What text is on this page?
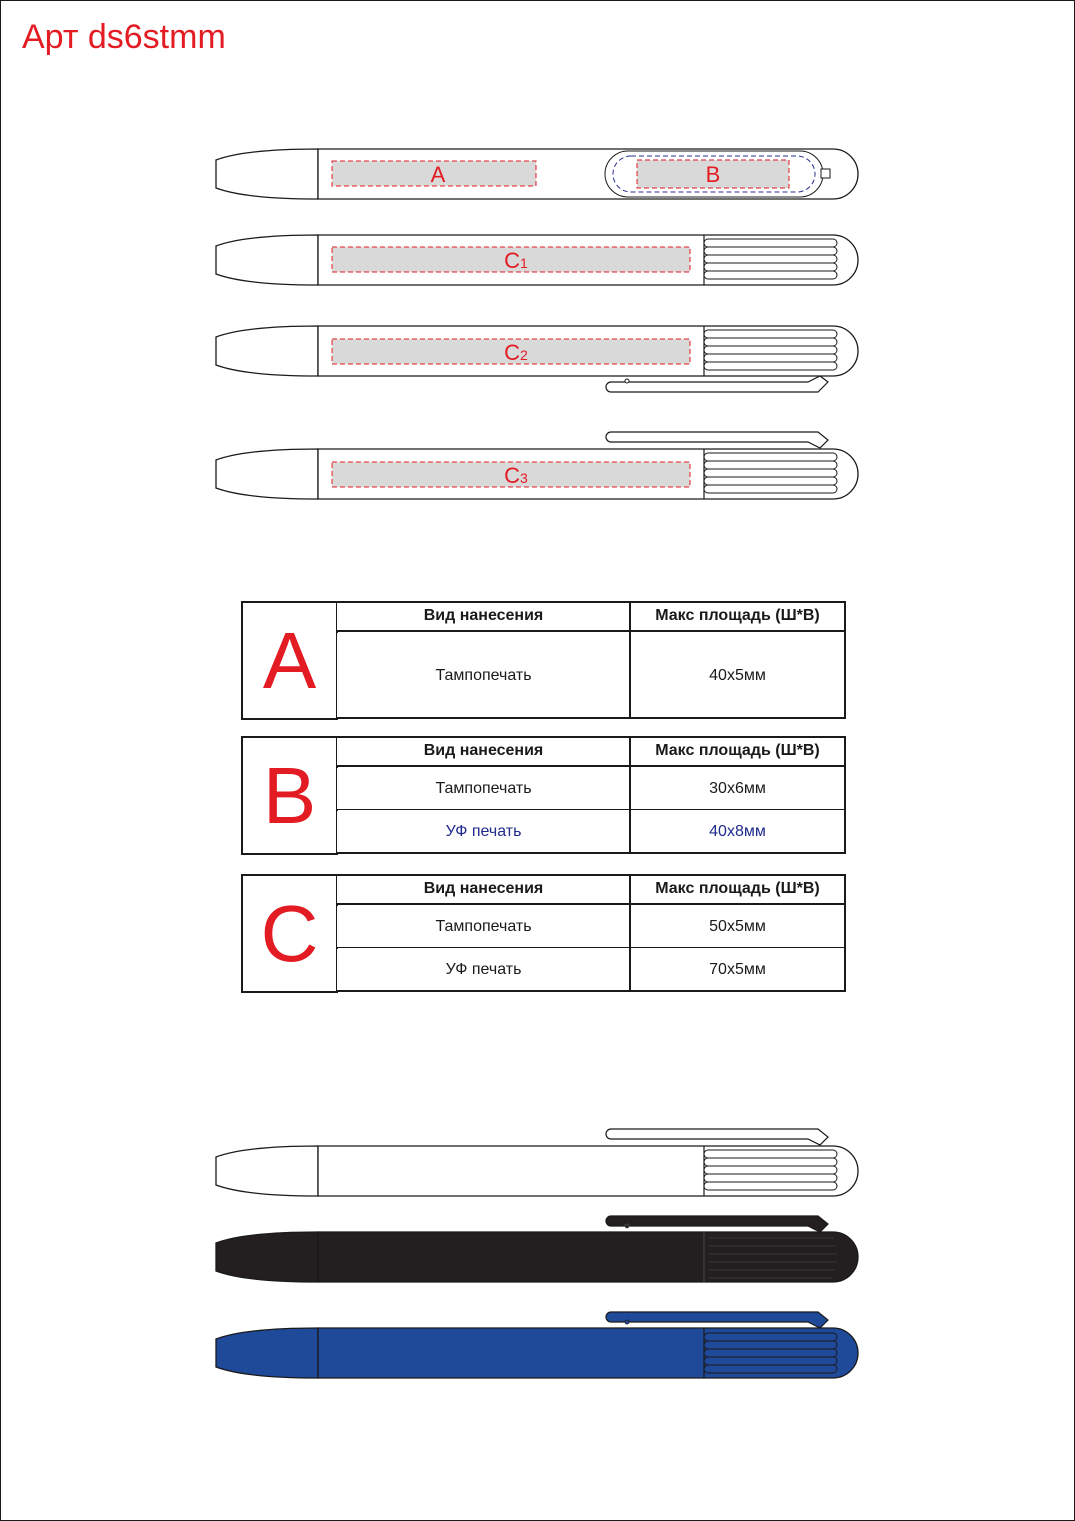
Арт ds6stmm
A	B
C1
C2
C3
A	Вид нанесения	Макс площадь (Ш*В)
Тампопечать	40x5мм
B	Вид нанесения	Макс площадь (Ш*В)
Тампопечать	30x6мм
УФ печать	40x8мм
C	Вид нанесения	Макс площадь (Ш*В)
Тампопечать	50x5мм
УФ печать	70x5мм
